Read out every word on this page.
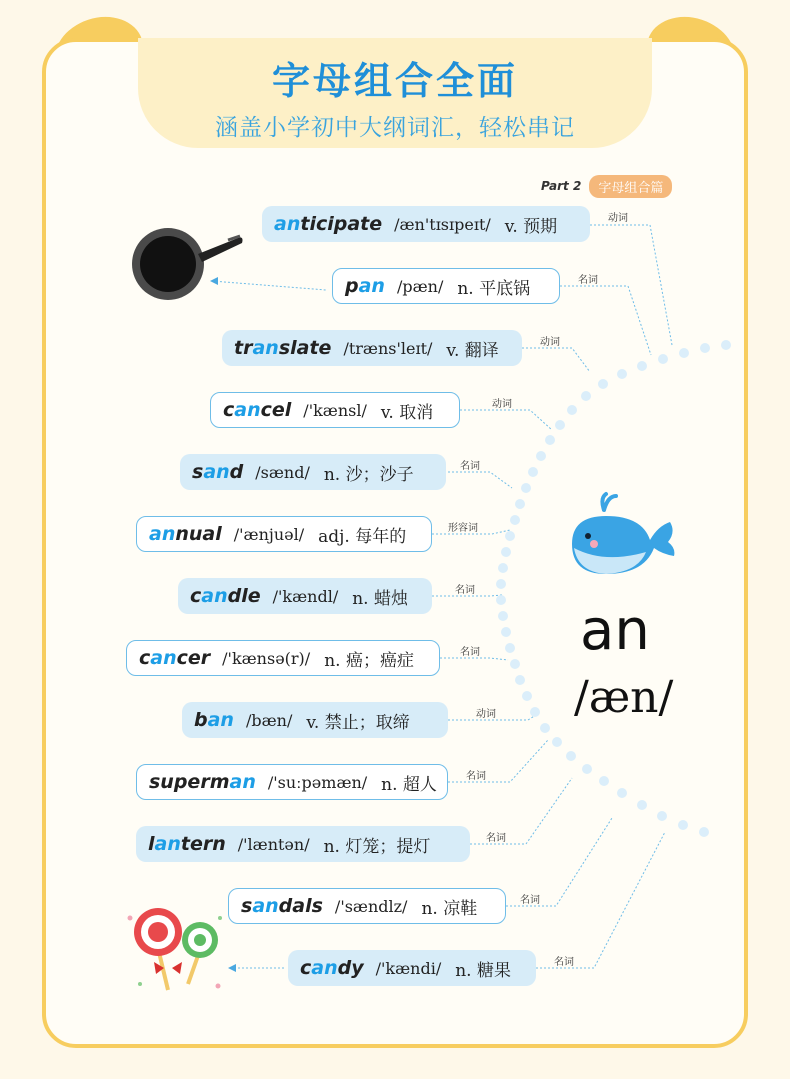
字母组合全面
涵盖小学初中大纲词汇，轻松串记
Part 2	字母组合篇
an
/æn/
anticipate /æn'tɪsɪpeɪt/ v. 预期	动词
pan /pæn/ n. 平底锅	名词
translate /træns'leɪt/ v. 翻译	动词
cancel /'kænsl/ v. 取消	动词
sand /sænd/ n. 沙；沙子	名词
annual /'ænjuəl/ adj. 每年的	形容词
candle /'kændl/ n. 蜡烛	名词
cancer /'kænsə(r)/ n. 癌；癌症	名词
ban /bæn/ v. 禁止；取缔	动词
superman /'suːpəmæn/ n. 超人	名词
lantern /'læntən/ n. 灯笼；提灯	名词
sandals /'sændlz/ n. 凉鞋	名词
candy /'kændi/ n. 糖果	名词
